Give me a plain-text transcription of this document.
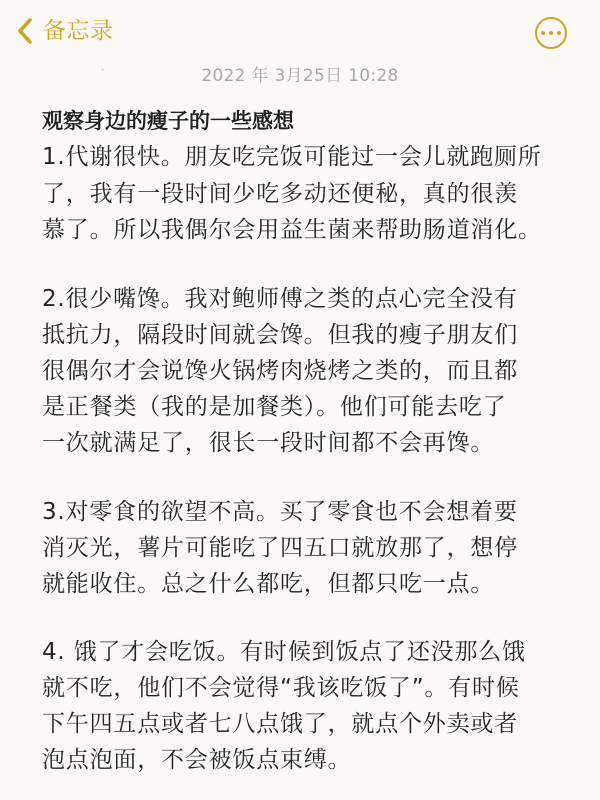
备忘录
2022 年 3月25日 10:28
观察身边的瘦子的一些感想
1.代谢很快。朋友吃完饭可能过一会儿就跑厕所
了，我有一段时间少吃多动还便秘，真的很羡
慕了。所以我偶尔会用益生菌来帮助肠道消化。
2.很少嘴馋。我对鲍师傅之类的点心完全没有
抵抗力，隔段时间就会馋。但我的瘦子朋友们
很偶尔才会说馋火锅烤肉烧烤之类的，而且都
是正餐类（我的是加餐类）。他们可能去吃了
一次就满足了，很长一段时间都不会再馋。
3.对零食的欲望不高。买了零食也不会想着要
消灭光，薯片可能吃了四五口就放那了，想停
就能收住。总之什么都吃，但都只吃一点。
4. 饿了才会吃饭。有时候到饭点了还没那么饿
就不吃，他们不会觉得“我该吃饭了”。有时候
下午四五点或者七八点饿了，就点个外卖或者
泡点泡面，不会被饭点束缚。
